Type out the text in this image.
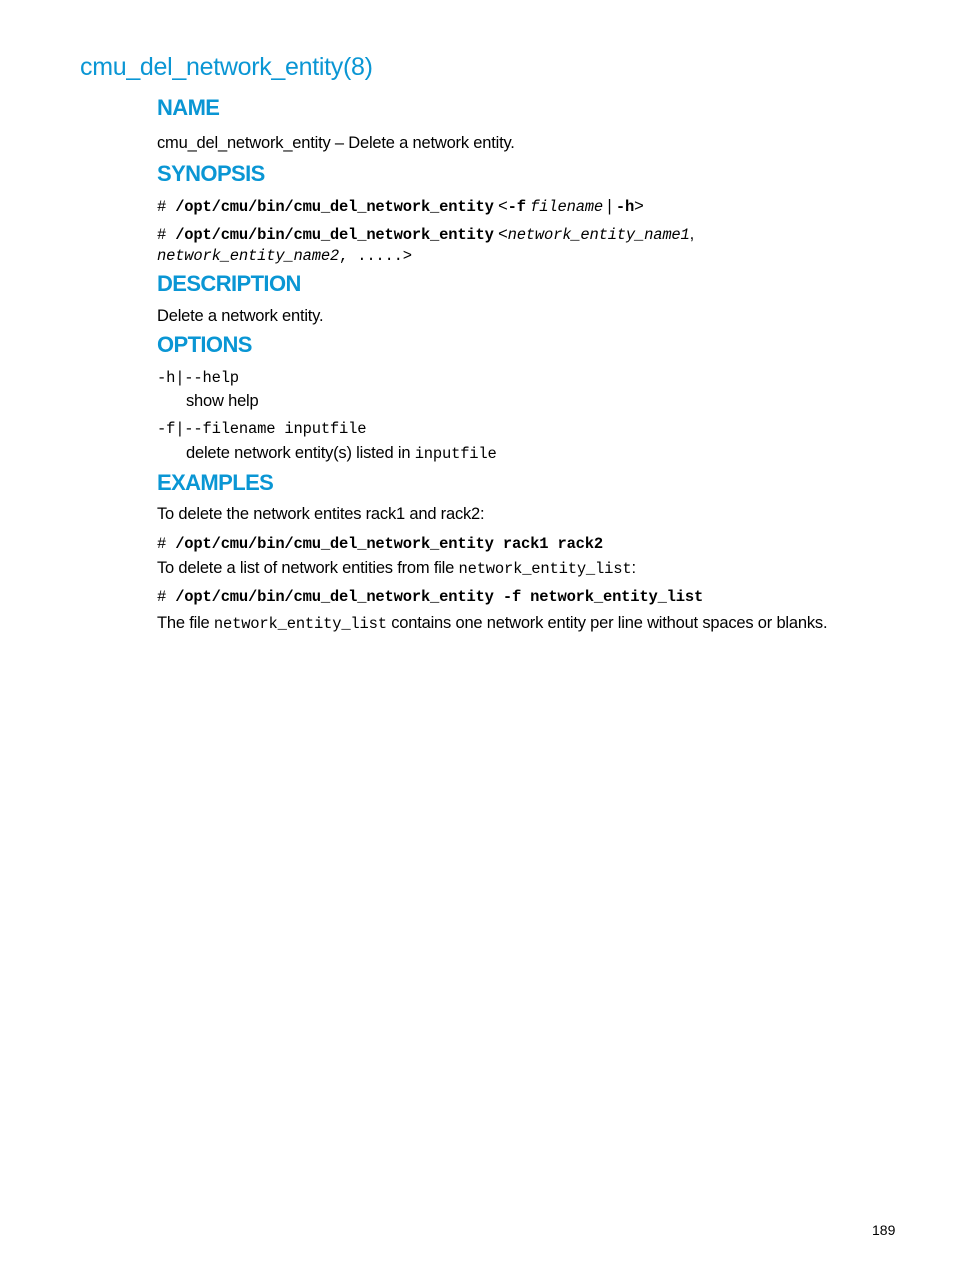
cmu_del_network_entity(8)
NAME

cmu_del_network_entity – Delete a network entity.

SYNOPSIS

# /opt/cmu/bin/cmu_del_network_entity <-f filename | -h>

# /opt/cmu/bin/cmu_del_network_entity <network_entity_name1,

network_entity_name2, .....>

DESCRIPTION

Delete a network entity.

OPTIONS

-h|--help

show help

-f|--filename inputfile

delete network entity(s) listed in inputfile

EXAMPLES

To delete the network entites rack1 and rack2:

# /opt/cmu/bin/cmu_del_network_entity rack1 rack2

To delete a list of network entities from file network_entity_list:

# /opt/cmu/bin/cmu_del_network_entity -f network_entity_list

The file network_entity_list contains one network entity per line without spaces or blanks.

189
